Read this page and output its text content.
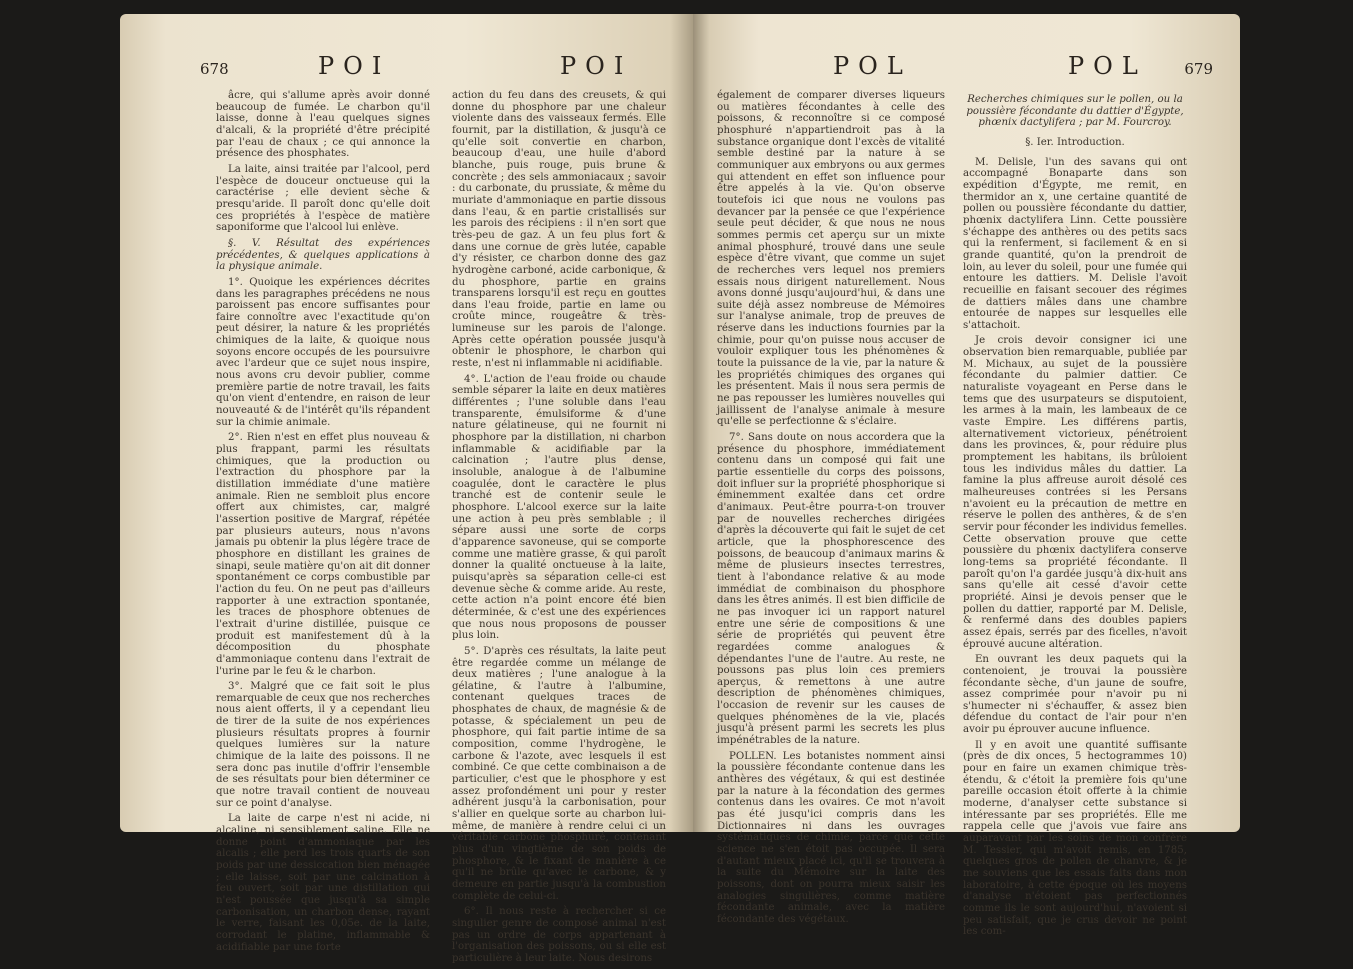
678	POI	POI

âcre, qui s'allume après avoir donné beaucoup de fumée. Le charbon qu'il laisse, donne à l'eau quelques signes d'alcali, & la propriété d'être précipité par l'eau de chaux ; ce qui annonce la présence des phosphates.

La laite, ainsi traitée par l'alcool, perd l'espèce de douceur onctueuse qui la caractérise ; elle devient sèche & presqu'aride. Il paroît donc qu'elle doit ces propriétés à l'espèce de matière saponiforme que l'alcool lui enlève.

§. V. Résultat des expériences précédentes, & quelques applications à la physique animale.

1°. Quoique les expériences décrites dans les paragraphes précédens ne nous paroissent pas encore suffisantes pour faire connoître avec l'exactitude qu'on peut désirer, la nature & les propriétés chimiques de la laite, & quoique nous soyons encore occupés de les poursuivre avec l'ardeur que ce sujet nous inspire, nous avons cru devoir publier, comme première partie de notre travail, les faits qu'on vient d'entendre, en raison de leur nouveauté & de l'intérêt qu'ils répandent sur la chimie animale.

2°. Rien n'est en effet plus nouveau & plus frappant, parmi les résultats chimiques, que la production ou l'extraction du phosphore par la distillation immédiate d'une matière animale. Rien ne sembloit plus encore offert aux chimistes, car, malgré l'assertion positive de Margraf, répétée par plusieurs auteurs, nous n'avons jamais pu obtenir la plus légère trace de phosphore en distillant les graines de sinapi, seule matière qu'on ait dit donner spontanément ce corps combustible par l'action du feu. On ne peut pas d'ailleurs rapporter à une extraction spontanée, les traces de phosphore obtenues de l'extrait d'urine distillée, puisque ce produit est manifestement dû à la décomposition du phosphate d'ammoniaque contenu dans l'extrait de l'urine par le feu & le charbon.

3°. Malgré que ce fait soit le plus remarquable de ceux que nos recherches nous aient offerts, il y a cependant lieu de tirer de la suite de nos expériences plusieurs résultats propres à fournir quelques lumières sur la nature chimique de la laite des poissons. Il ne sera donc pas inutile d'offrir l'ensemble de ses résultats pour bien déterminer ce que notre travail contient de nouveau sur ce point d'analyse.

La laite de carpe n'est ni acide, ni alcaline, ni sensiblement saline. Elle ne donne point d'ammoniaque par les alcalis ; elle perd les trois quarts de son poids par une dessiccation bien ménagée ; elle laisse, soit par une calcination à feu ouvert, soit par une distillation qui n'est poussée que jusqu'à sa simple carbonisation, un charbon dense, rayant le verre, faisant les 0,05e. de la laite, corrodant le platine, inflammable & acidifiable par une forte

action du feu dans des creusets, & qui donne du phosphore par une chaleur violente dans des vaisseaux fermés. Elle fournit, par la distillation, & jusqu'à ce qu'elle soit convertie en charbon, beaucoup d'eau, une huile d'abord blanche, puis rouge, puis brune & concrète ; des sels ammoniacaux ; savoir : du carbonate, du prussiate, & même du muriate d'ammoniaque en partie dissous dans l'eau, & en partie cristallisés sur les parois des récipiens : il n'en sort que très-peu de gaz. A un feu plus fort & dans une cornue de grès lutée, capable d'y résister, ce charbon donne des gaz hydrogène carboné, acide carbonique, & du phosphore, partie en grains transparens lorsqu'il est reçu en gouttes dans l'eau froide, partie en lame ou croûte mince, rougeâtre & très-lumineuse sur les parois de l'alonge. Après cette opération poussée jusqu'à obtenir le phosphore, le charbon qui reste, n'est ni inflammable ni acidifiable.

4°. L'action de l'eau froide ou chaude semble séparer la laite en deux matières différentes ; l'une soluble dans l'eau transparente, émulsiforme & d'une nature gélatineuse, qui ne fournit ni phosphore par la distillation, ni charbon inflammable & acidifiable par la calcination ; l'autre plus dense, insoluble, analogue à de l'albumine coagulée, dont le caractère le plus tranché est de contenir seule le phosphore. L'alcool exerce sur la laite une action à peu près semblable ; il sépare aussi une sorte de corps d'apparence savoneuse, qui se comporte comme une matière grasse, & qui paroît donner la qualité onctueuse à la laite, puisqu'après sa séparation celle-ci est devenue sèche & comme aride. Au reste, cette action n'a point encore été bien déterminée, & c'est une des expériences que nous nous proposons de pousser plus loin.

5°. D'après ces résultats, la laite peut être regardée comme un mélange de deux matières ; l'une analogue à la gélatine, & l'autre à l'albumine, contenant quelques traces de phosphates de chaux, de magnésie & de potasse, & spécialement un peu de phosphore, qui fait partie intime de sa composition, comme l'hydrogène, le carbone & l'azote, avec lesquels il est combiné. Ce que cette combinaison a de particulier, c'est que le phosphore y est assez profondément uni pour y rester adhérent jusqu'à la carbonisation, pour s'allier en quelque sorte au charbon lui-même, de manière à rendre celui ci un véritable carbone phosphuré, contenant plus d'un vingtième de son poids de phosphore, & le fixant de manière à ce qu'il ne brûle qu'avec le carbone, & y demeure en partie jusqu'à la combustion complète de celui-ci.

6°. Il nous reste à rechercher si ce singulier genre de composé animal n'est pas un ordre de corps appartenant à l'organisation des poissons, ou si elle est particulière à leur laite. Nous desirons

POL	POL	679

également de comparer diverses liqueurs ou matières fécondantes à celle des poissons, & reconnoître si ce composé phosphuré n'appartiendroit pas à la substance organique dont l'excès de vitalité semble destiné par la nature à se communiquer aux embryons ou aux germes qui attendent en effet son influence pour être appelés à la vie. Qu'on observe toutefois ici que nous ne voulons pas devancer par la pensée ce que l'expérience seule peut décider, & que nous ne nous sommes permis cet aperçu sur un mixte animal phosphuré, trouvé dans une seule espèce d'être vivant, que comme un sujet de recherches vers lequel nos premiers essais nous dirigent naturellement. Nous avons donné jusqu'aujourd'hui, & dans une suite déjà assez nombreuse de Mémoires sur l'analyse animale, trop de preuves de réserve dans les inductions fournies par la chimie, pour qu'on puisse nous accuser de vouloir expliquer tous les phénomènes & toute la puissance de la vie, par la nature & les propriétés chimiques des organes qui les présentent. Mais il nous sera permis de ne pas repousser les lumières nouvelles qui jaillissent de l'analyse animale à mesure qu'elle se perfectionne & s'éclaire.

7°. Sans doute on nous accordera que la présence du phosphore, immédiatement contenu dans un composé qui fait une partie essentielle du corps des poissons, doit influer sur la propriété phosphorique si éminemment exaltée dans cet ordre d'animaux. Peut-être pourra-t-on trouver par de nouvelles recherches dirigées d'après la découverte qui fait le sujet de cet article, que la phosphorescence des poissons, de beaucoup d'animaux marins & même de plusieurs insectes terrestres, tient à l'abondance relative & au mode immédiat de combinaison du phosphore dans les êtres animés. Il est bien difficile de ne pas invoquer ici un rapport naturel entre une série de compositions & une série de propriétés qui peuvent être regardées comme analogues & dépendantes l'une de l'autre. Au reste, ne poussons pas plus loin ces premiers aperçus, & remettons à une autre description de phénomènes chimiques, l'occasion de revenir sur les causes de quelques phénomènes de la vie, placés jusqu'à présent parmi les secrets les plus impénétrables de la nature.

POLLEN. Les botanistes nomment ainsi la poussière fécondante contenue dans les anthères des végétaux, & qui est destinée par la nature à la fécondation des germes contenus dans les ovaires. Ce mot n'avoit pas été jusqu'ici compris dans les Dictionnaires ni dans les ouvrages systématiques de chimie, parce que cette science ne s'en étoit pas occupée. Il sera d'autant mieux placé ici, qu'il se trouvera à la suite du Mémoire sur la laite des poissons, dont on pourra mieux saisir les analogies singulières, comme matière fécondante animale, avec la matière fécondante des végétaux.

Recherches chimiques sur le pollen, ou la poussière fécondante du dattier d'Égypte, phœnix dactylifera ; par M. Fourcroy.

§. Ier. Introduction.

M. Delisle, l'un des savans qui ont accompagné Bonaparte dans son expédition d'Égypte, me remit, en thermidor an x, une certaine quantité de pollen ou poussière fécondante du dattier, phœnix dactylifera Linn. Cette poussière s'échappe des anthères ou des petits sacs qui la renferment, si facilement & en si grande quantité, qu'on la prendroit de loin, au lever du soleil, pour une fumée qui entoure les dattiers. M. Delisle l'avoit recueillie en faisant secouer des régimes de dattiers mâles dans une chambre entourée de nappes sur lesquelles elle s'attachoit.

Je crois devoir consigner ici une observation bien remarquable, publiée par M. Michaux, au sujet de la poussière fécondante du palmier dattier. Ce naturaliste voyageant en Perse dans le tems que des usurpateurs se disputoient, les armes à la main, les lambeaux de ce vaste Empire. Les différens partis, alternativement victorieux, pénétroient dans les provinces, &, pour réduire plus promptement les habitans, ils brûloient tous les individus mâles du dattier. La famine la plus affreuse auroit désolé ces malheureuses contrées si les Persans n'avoient eu la précaution de mettre en réserve le pollen des anthères, & de s'en servir pour féconder les individus femelles. Cette observation prouve que cette poussière du phœnix dactylifera conserve long-tems sa propriété fécondante. Il paroît qu'on l'a gardée jusqu'à dix-huit ans sans qu'elle ait cessé d'avoir cette propriété. Ainsi je devois penser que le pollen du dattier, rapporté par M. Delisle, & renfermé dans des doubles papiers assez épais, serrés par des ficelles, n'avoit éprouvé aucune altération.

En ouvrant les deux paquets qui la contenoient, je trouvai la poussière fécondante sèche, d'un jaune de soufre, assez comprimée pour n'avoir pu ni s'humecter ni s'échauffer, & assez bien défendue du contact de l'air pour n'en avoir pu éprouver aucune influence.

Il y en avoit une quantité suffisante (près de dix onces, 5 hectogrammes 10) pour en faire un examen chimique très-étendu, & c'étoit la première fois qu'une pareille occasion étoit offerte à la chimie moderne, d'analyser cette substance si intéressante par ses propriétés. Elle me rappela celle que j'avois vue faire ans auparavant par les soins de mon confrère M. Tessier, qui m'avoit remis, en 1785, quelques gros de pollen de chanvre, & je me souviens que les essais faits dans mon laboratoire, à cette époque où les moyens d'analyse n'étoient pas perfectionnés comme ils le sont aujourd'hui, n'avoient si peu satisfait, que je crus devoir ne point les com-
